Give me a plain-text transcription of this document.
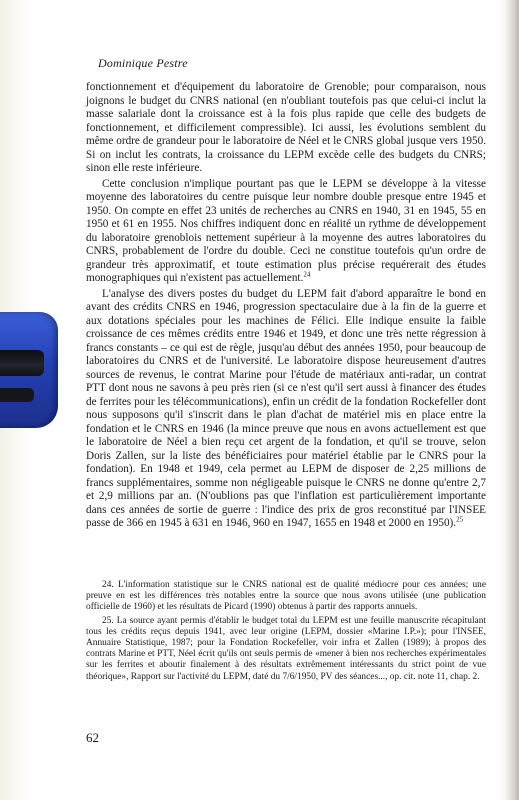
Dominique Pestre

fonctionnement et d'équipement du laboratoire de Grenoble; pour comparaison, nous joignons le budget du CNRS national (en n'oubliant toutefois pas que celui-ci inclut la masse salariale dont la croissance est à la fois plus rapide que celle des budgets de fonctionnement, et difficilement compressible). Ici aussi, les évolutions semblent du même ordre de grandeur pour le laboratoire de Néel et le CNRS global jusque vers 1950. Si on inclut les contrats, la croissance du LEPM excède celle des budgets du CNRS; sinon elle reste inférieure.

Cette conclusion n'implique pourtant pas que le LEPM se développe à la vitesse moyenne des laboratoires du centre puisque leur nombre double presque entre 1945 et 1950. On compte en effet 23 unités de recherches au CNRS en 1940, 31 en 1945, 55 en 1950 et 61 en 1955. Nos chiffres indiquent donc en réalité un rythme de développement du laboratoire grenoblois nettement supérieur à la moyenne des autres laboratoires du CNRS, probablement de l'ordre du double. Ceci ne constitue toutefois qu'un ordre de grandeur très approximatif, et toute estimation plus précise requérerait des études monographiques qui n'existent pas actuellement.$^{24}$

L'analyse des divers postes du budget du LEPM fait d'abord apparaître le bond en avant des crédits CNRS en 1946, progression spectaculaire due à la fin de la guerre et aux dotations spéciales pour les machines de Félici. Elle indique ensuite la faible croissance de ces mêmes crédits entre 1946 et 1949, et donc une très nette régression à francs constants – ce qui est de règle, jusqu'au début des années 1950, pour beaucoup de laboratoires du CNRS et de l'université. Le laboratoire dispose heureusement d'autres sources de revenus, le contrat Marine pour l'étude de matériaux anti-radar, un contrat PTT dont nous ne savons à peu près rien (si ce n'est qu'il sert aussi à financer des études de ferrites pour les télécommunications), enfin un crédit de la fondation Rockefeller dont nous supposons qu'il s'inscrit dans le plan d'achat de matériel mis en place entre la fondation et le CNRS en 1946 (la mince preuve que nous en avons actuellement est que le laboratoire de Néel a bien reçu cet argent de la fondation, et qu'il se trouve, selon Doris Zallen, sur la liste des bénéficiaires pour matériel établie par le CNRS pour la fondation). En 1948 et 1949, cela permet au LEPM de disposer de 2,25 millions de francs supplémentaires, somme non négligeable puisque le CNRS ne donne qu'entre 2,7 et 2,9 millions par an. (N'oublions pas que l'inflation est particulièrement importante dans ces années de sortie de guerre : l'indice des prix de gros reconstitué par l'INSEE passe de 366 en 1945 à 631 en 1946, 960 en 1947, 1655 en 1948 et 2000 en 1950).$^{25}$

24. L'information statistique sur le CNRS national est de qualité médiocre pour ces années; une preuve en est les différences très notables entre la source que nous avons utilisée (une publication officielle de 1960) et les résultats de Picard (1990) obtenus à partir des rapports annuels.

25. La source ayant permis d'établir le budget total du LEPM est une feuille manuscrite récapitulant tous les crédits reçus depuis 1941, avec leur origine (LEPM, dossier «Marine I.P.»); pour l'INSEE, Annuaire Statistique, 1987; pour la Fondation Rockefeller, voir infra et Zallen (1989); à propos des contrats Marine et PTT, Néel écrit qu'ils ont seuls permis de «mener à bien nos recherches expérimentales sur les ferrites et aboutir finalement à des résultats extrêmement intéressants du strict point de vue théorique», Rapport sur l'activité du LEPM, daté du 7/6/1950, PV des séances..., op. cit. note 11, chap. 2.

62
